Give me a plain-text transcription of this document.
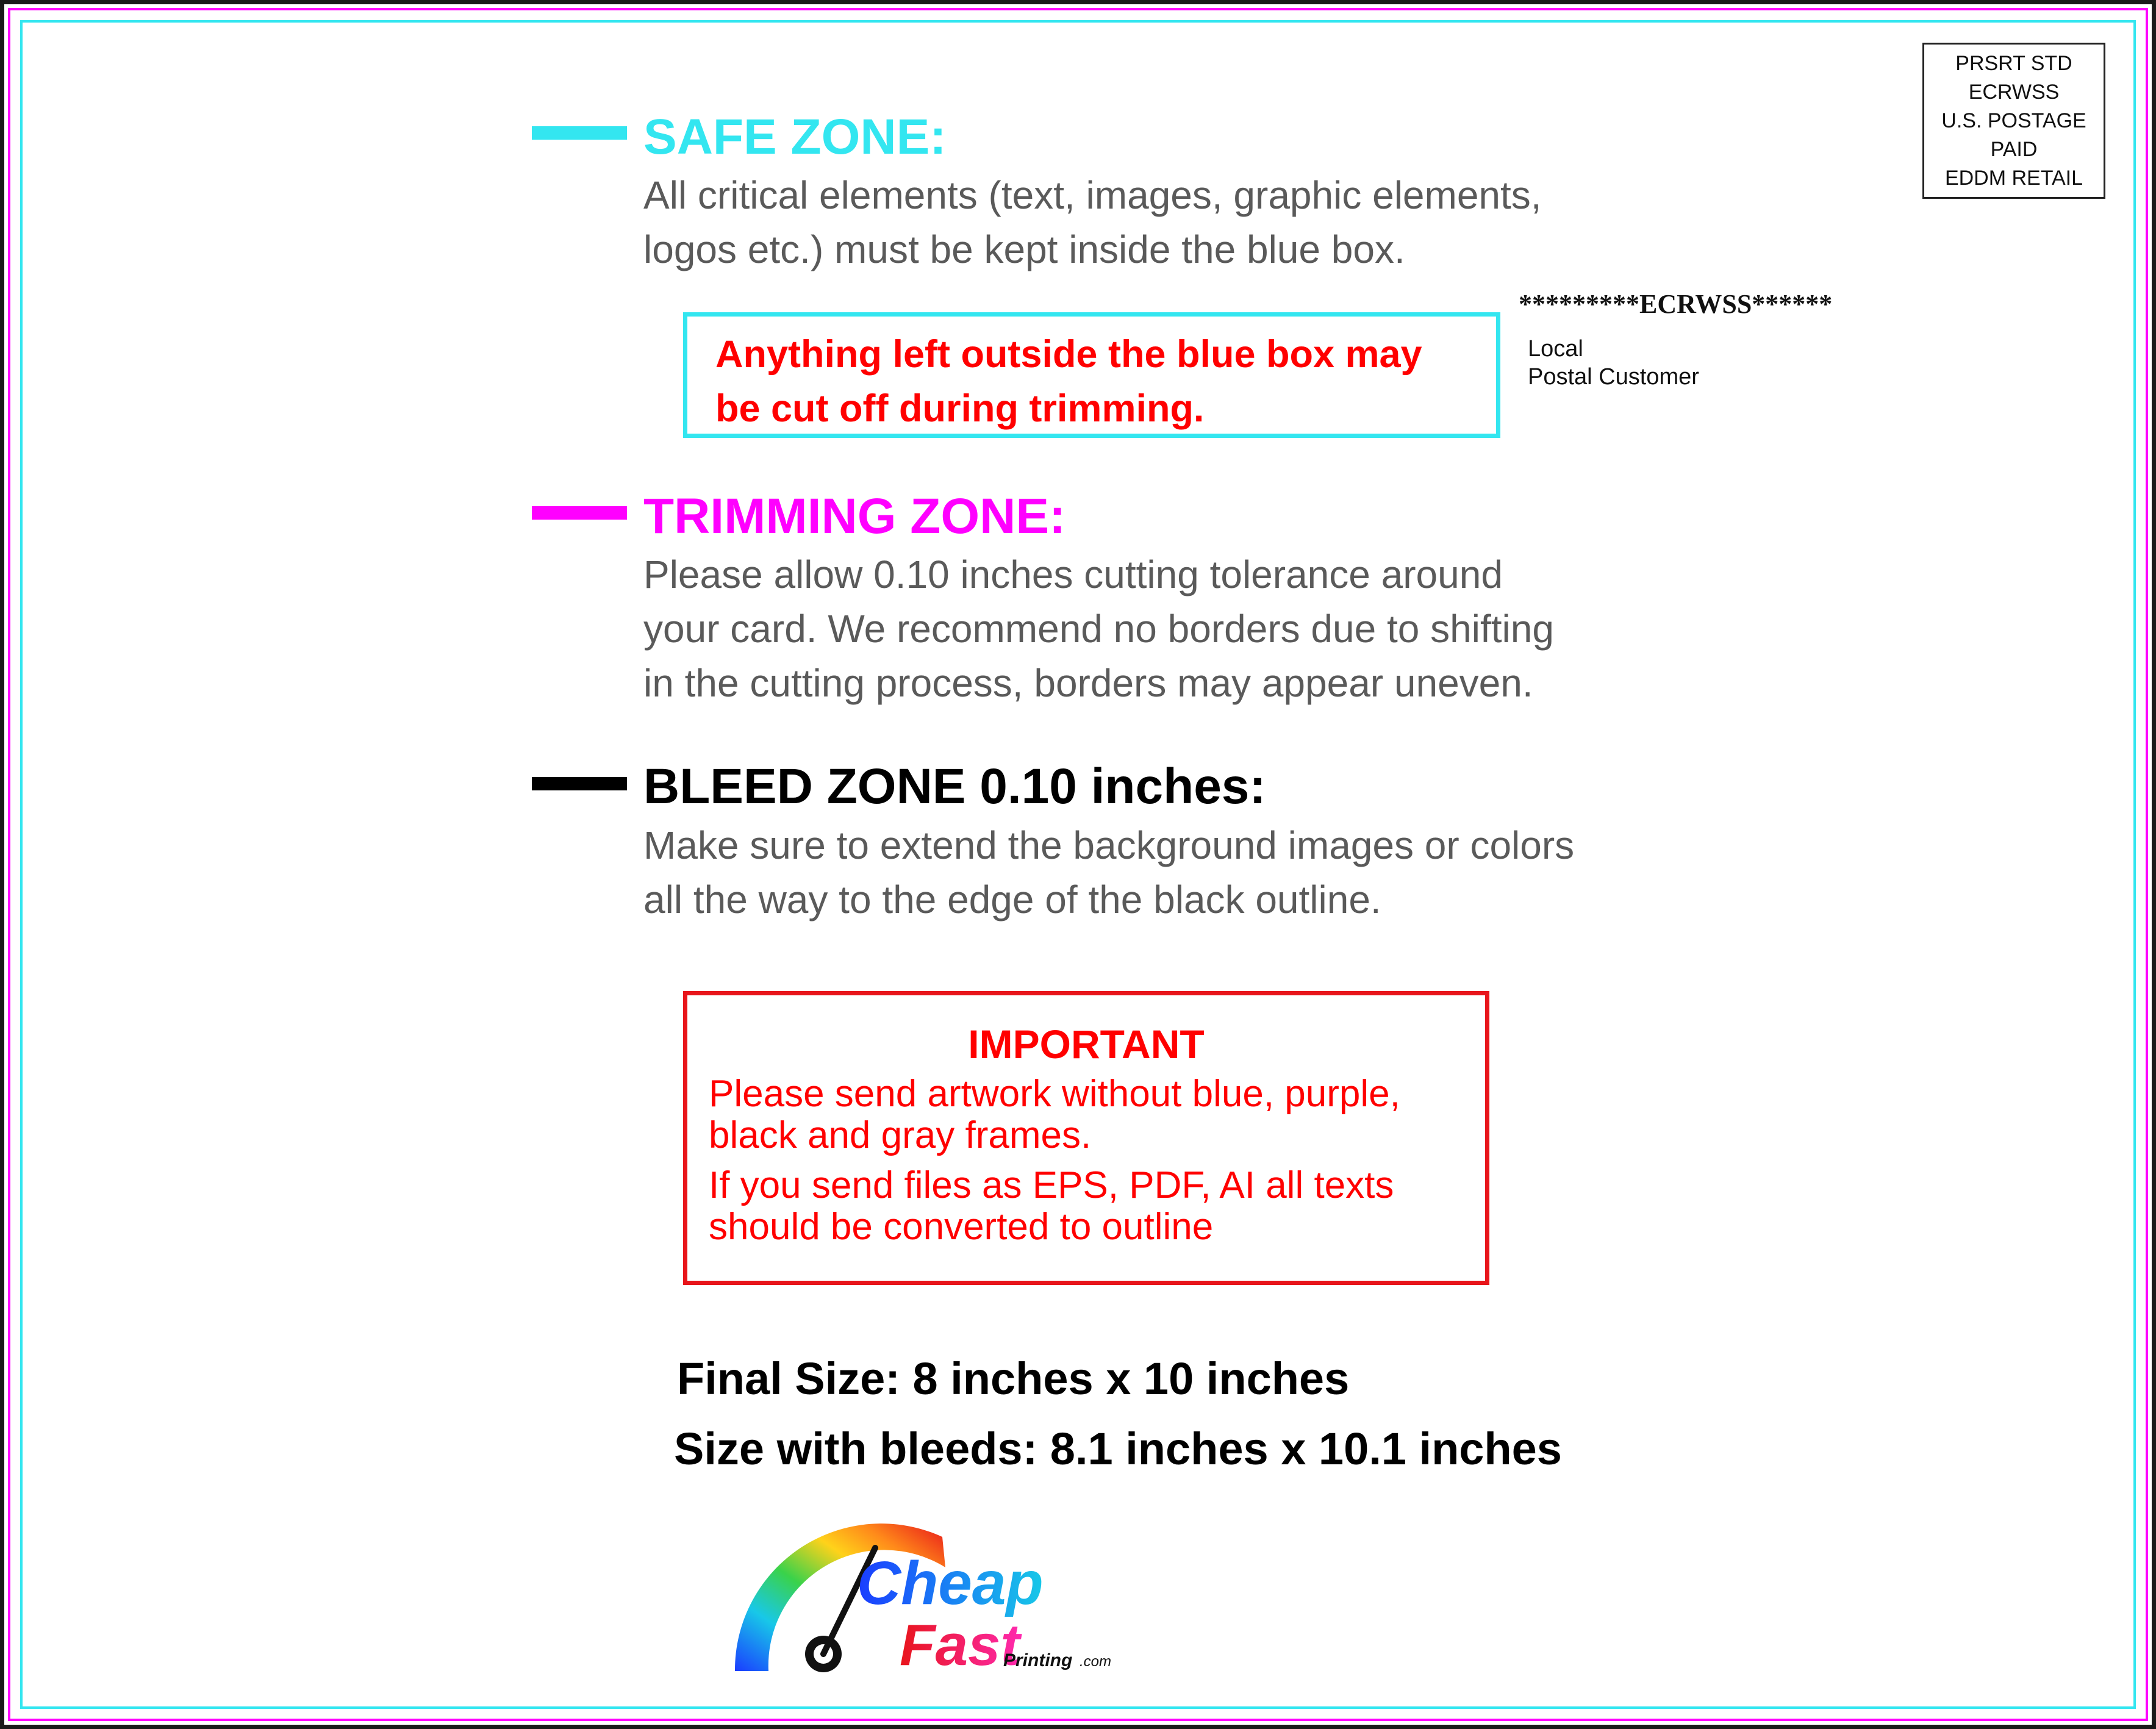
SAFE ZONE:
All critical elements (text, images, graphic elements,
logos etc.) must be kept inside the blue box.
Anything left outside the blue box may
be cut off during trimming.
TRIMMING ZONE:
Please allow 0.10 inches cutting tolerance around
your card. We recommend no borders due to shifting
in the cutting process, borders may appear uneven.
BLEED ZONE 0.10 inches:
Make sure to extend the background images or colors
all the way to the edge of the black outline.
PRSRT STD
ECRWSS
U.S. POSTAGE
PAID
EDDM RETAIL
*********ECRWSS******
Local
Postal Customer
IMPORTANT
Please send artwork without blue, purple,
black and gray frames.
If you send files as EPS, PDF, AI all texts
should be converted to outline
Final Size: 8 inches x 10 inches
Size with bleeds: 8.1 inches x 10.1 inches
Cheap
Fast
Printing .com
